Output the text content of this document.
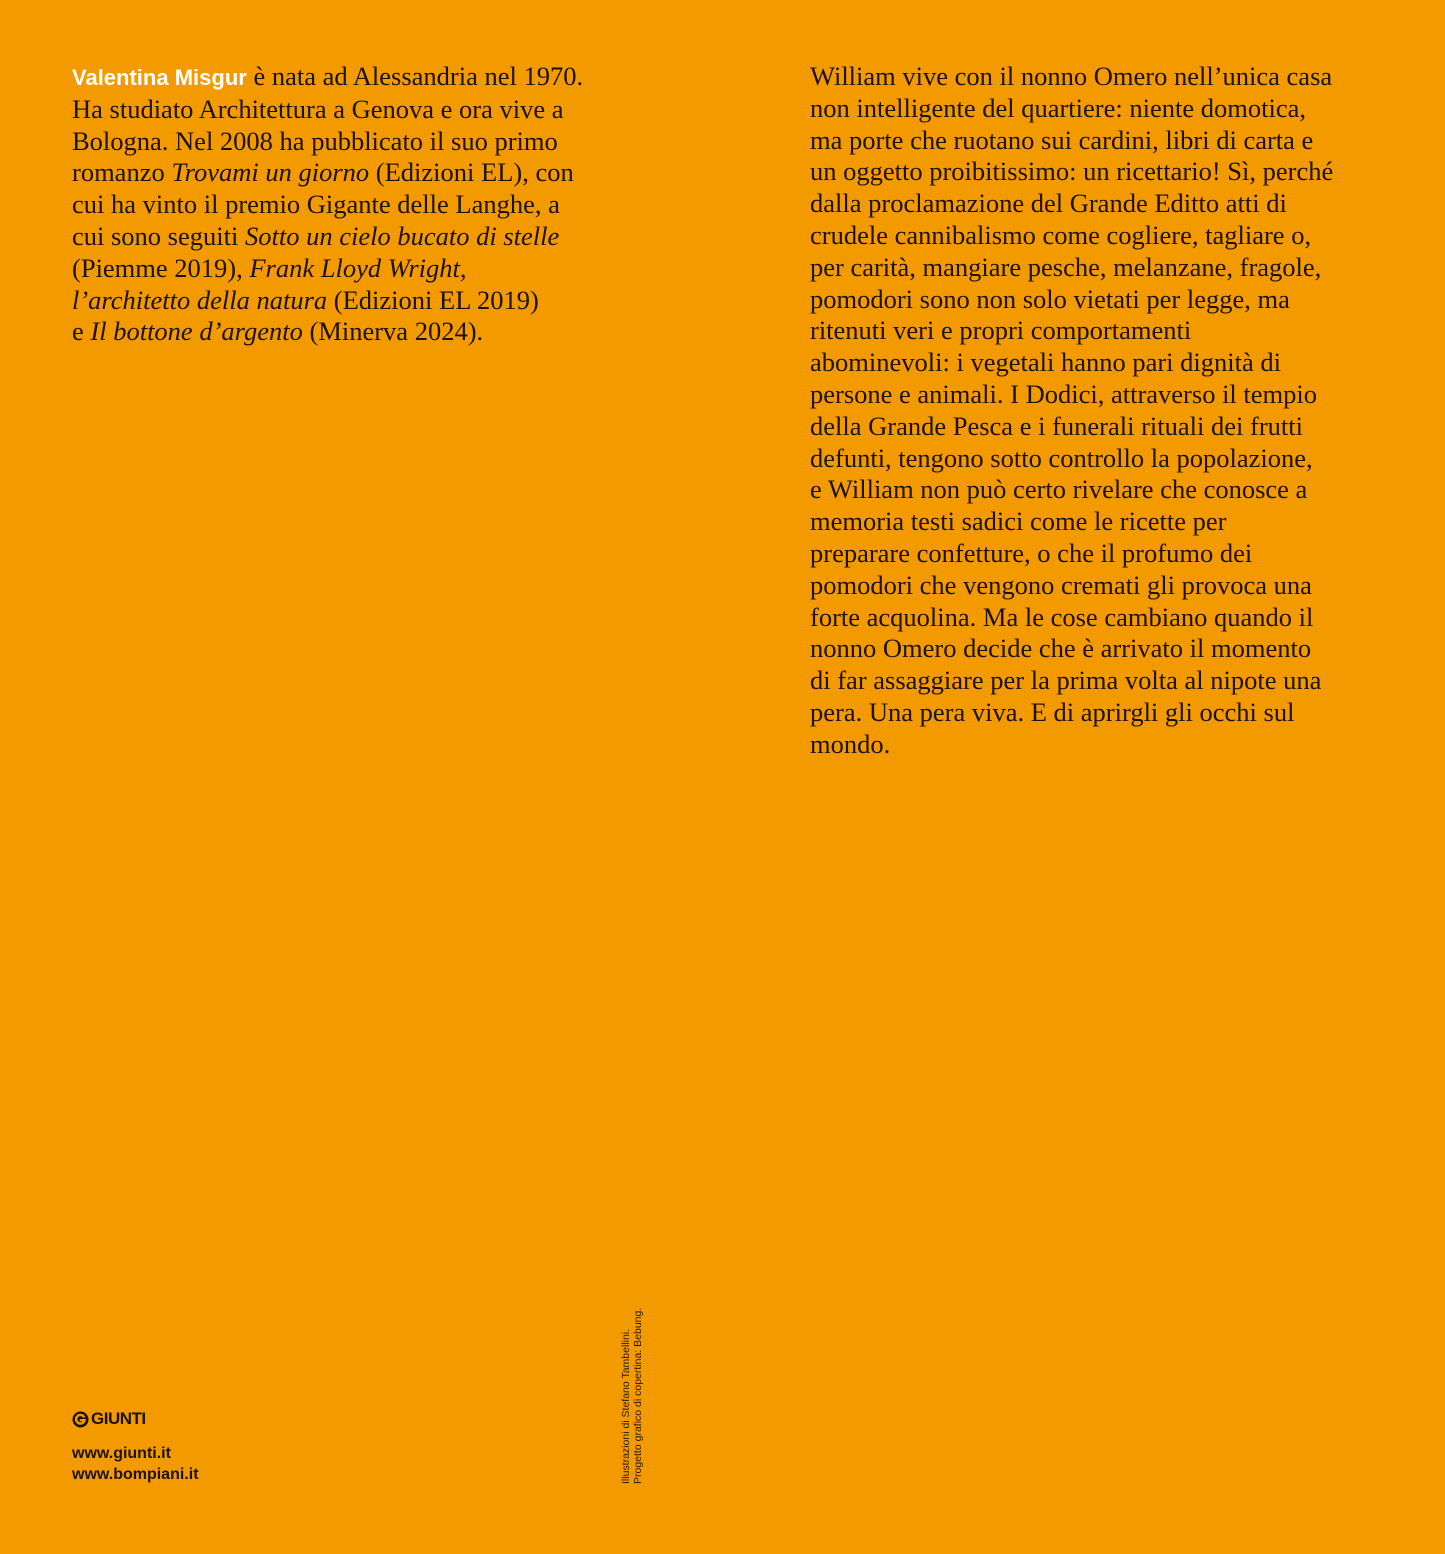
Valentina Misgur è nata ad Alessandria nel 1970.
Ha studiato Architettura a Genova e ora vive a
Bologna. Nel 2008 ha pubblicato il suo primo
romanzo Trovami un giorno (Edizioni EL), con
cui ha vinto il premio Gigante delle Langhe, a
cui sono seguiti Sotto un cielo bucato di stelle
(Piemme 2019), Frank Lloyd Wright,
l’architetto della natura (Edizioni EL 2019)
e Il bottone d’argento (Minerva 2024).
William vive con il nonno Omero nell’unica casa
non intelligente del quartiere: niente domotica,
ma porte che ruotano sui cardini, libri di carta e
un oggetto proibitissimo: un ricettario! Sì, perché
dalla proclamazione del Grande Editto atti di
crudele cannibalismo come cogliere, tagliare o,
per carità, mangiare pesche, melanzane, fragole,
pomodori sono non solo vietati per legge, ma
ritenuti veri e propri comportamenti
abominevoli: i vegetali hanno pari dignità di
persone e animali. I Dodici, attraverso il tempio
della Grande Pesca e i funerali rituali dei frutti
defunti, tengono sotto controllo la popolazione,
e William non può certo rivelare che conosce a
memoria testi sadici come le ricette per
preparare confetture, o che il profumo dei
pomodori che vengono cremati gli provoca una
forte acquolina. Ma le cose cambiano quando il
nonno Omero decide che è arrivato il momento
di far assaggiare per la prima volta al nipote una
pera. Una pera viva. E di aprirgli gli occhi sul
mondo.
Illustrazioni di Stefano Tambellini. Progetto grafico di copertina: Bebung.
GIUNTI
www.giunti.it
www.bompiani.it
